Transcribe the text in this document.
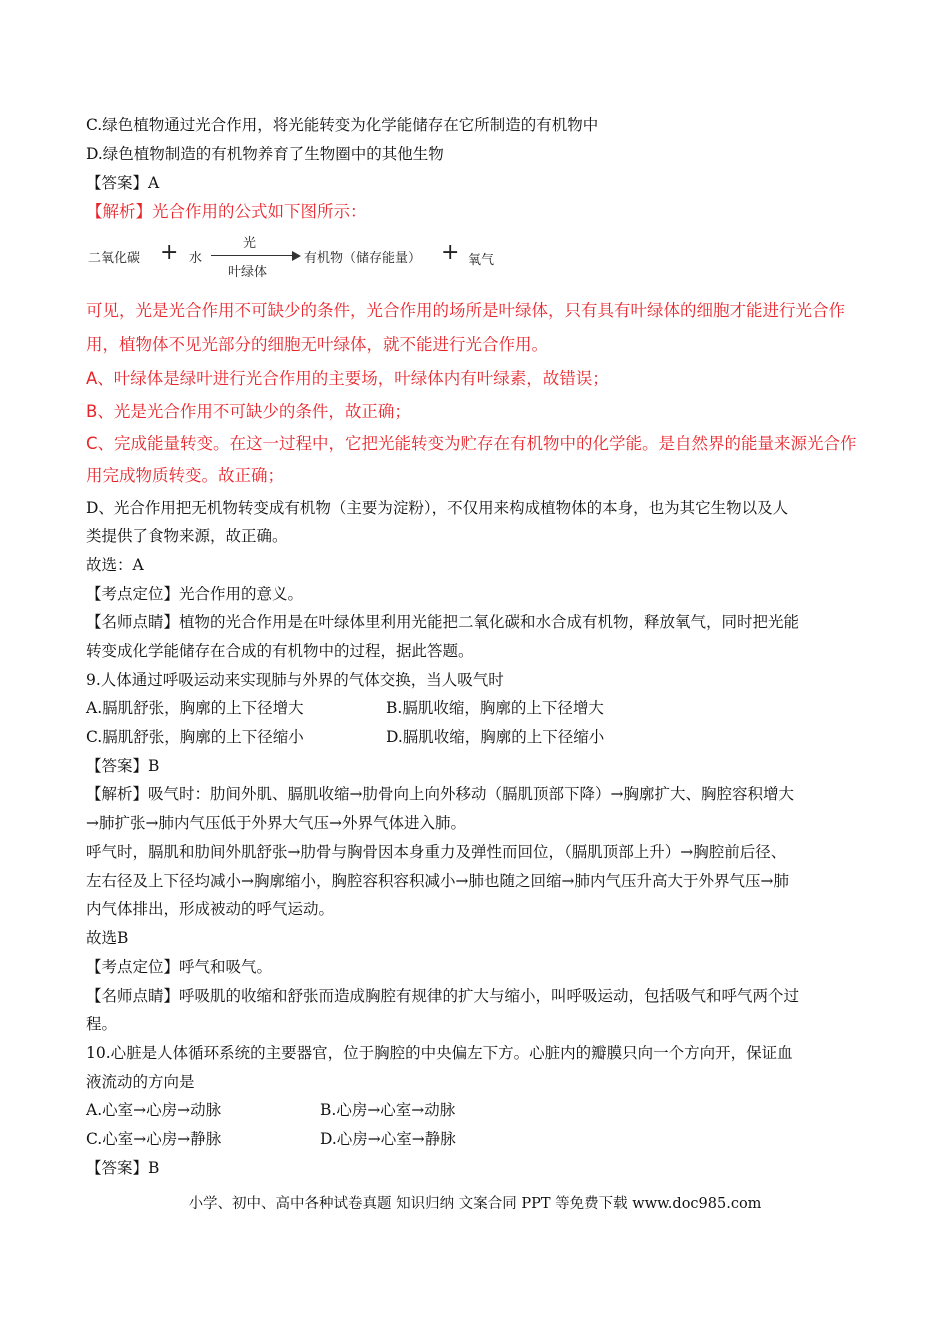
C.绿色植物通过光合作用，将光能转变为化学能储存在它所制造的有机物中
D.绿色植物制造的有机物养育了生物圈中的其他生物
【答案】A
【解析】光合作用的公式如下图所示：
二氧化碳 + 水
光
叶绿体
有机物（储存能量） + 氧气
可见，光是光合作用不可缺少的条件，光合作用的场所是叶绿体，只有具有叶绿体的细胞才能进行光合作
用，植物体不见光部分的细胞无叶绿体，就不能进行光合作用。
A、叶绿体是绿叶进行光合作用的主要场，叶绿体内有叶绿素，故错误；
B、光是光合作用不可缺少的条件，故正确；
C、完成能量转变。在这一过程中，它把光能转变为贮存在有机物中的化学能。是自然界的能量来源光合作
用完成物质转变。故正确；
D、光合作用把无机物转变成有机物（主要为淀粉），不仅用来构成植物体的本身，也为其它生物以及人
类提供了食物来源，故正确。
故选：A
【考点定位】光合作用的意义。
【名师点睛】植物的光合作用是在叶绿体里利用光能把二氧化碳和水合成有机物，释放氧气，同时把光能
转变成化学能储存在合成的有机物中的过程，据此答题。
9.人体通过呼吸运动来实现肺与外界的气体交换，当人吸气时
A.膈肌舒张，胸廓的上下径增大	B.膈肌收缩，胸廓的上下径增大
C.膈肌舒张，胸廓的上下径缩小	D.膈肌收缩，胸廓的上下径缩小
【答案】B
【解析】吸气时：肋间外肌、膈肌收缩→肋骨向上向外移动（膈肌顶部下降）→胸廓扩大、胸腔容积增大
→肺扩张→肺内气压低于外界大气压→外界气体进入肺。
呼气时，膈肌和肋间外肌舒张→肋骨与胸骨因本身重力及弹性而回位，（膈肌顶部上升）→胸腔前后径、
左右径及上下径均减小→胸廓缩小，胸腔容积容积减小→肺也随之回缩→肺内气压升高大于外界气压→肺
内气体排出，形成被动的呼气运动。
故选B
【考点定位】呼气和吸气。
【名师点睛】呼吸肌的收缩和舒张而造成胸腔有规律的扩大与缩小，叫呼吸运动，包括吸气和呼气两个过
程。
10.心脏是人体循环系统的主要器官，位于胸腔的中央偏左下方。心脏内的瓣膜只向一个方向开，保证血
液流动的方向是
A.心室→心房→动脉	B.心房→心室→动脉
C.心室→心房→静脉	D.心房→心室→静脉
【答案】B
小学、初中、高中各种试卷真题 知识归纳 文案合同 PPT 等免费下载 www.doc985.com
